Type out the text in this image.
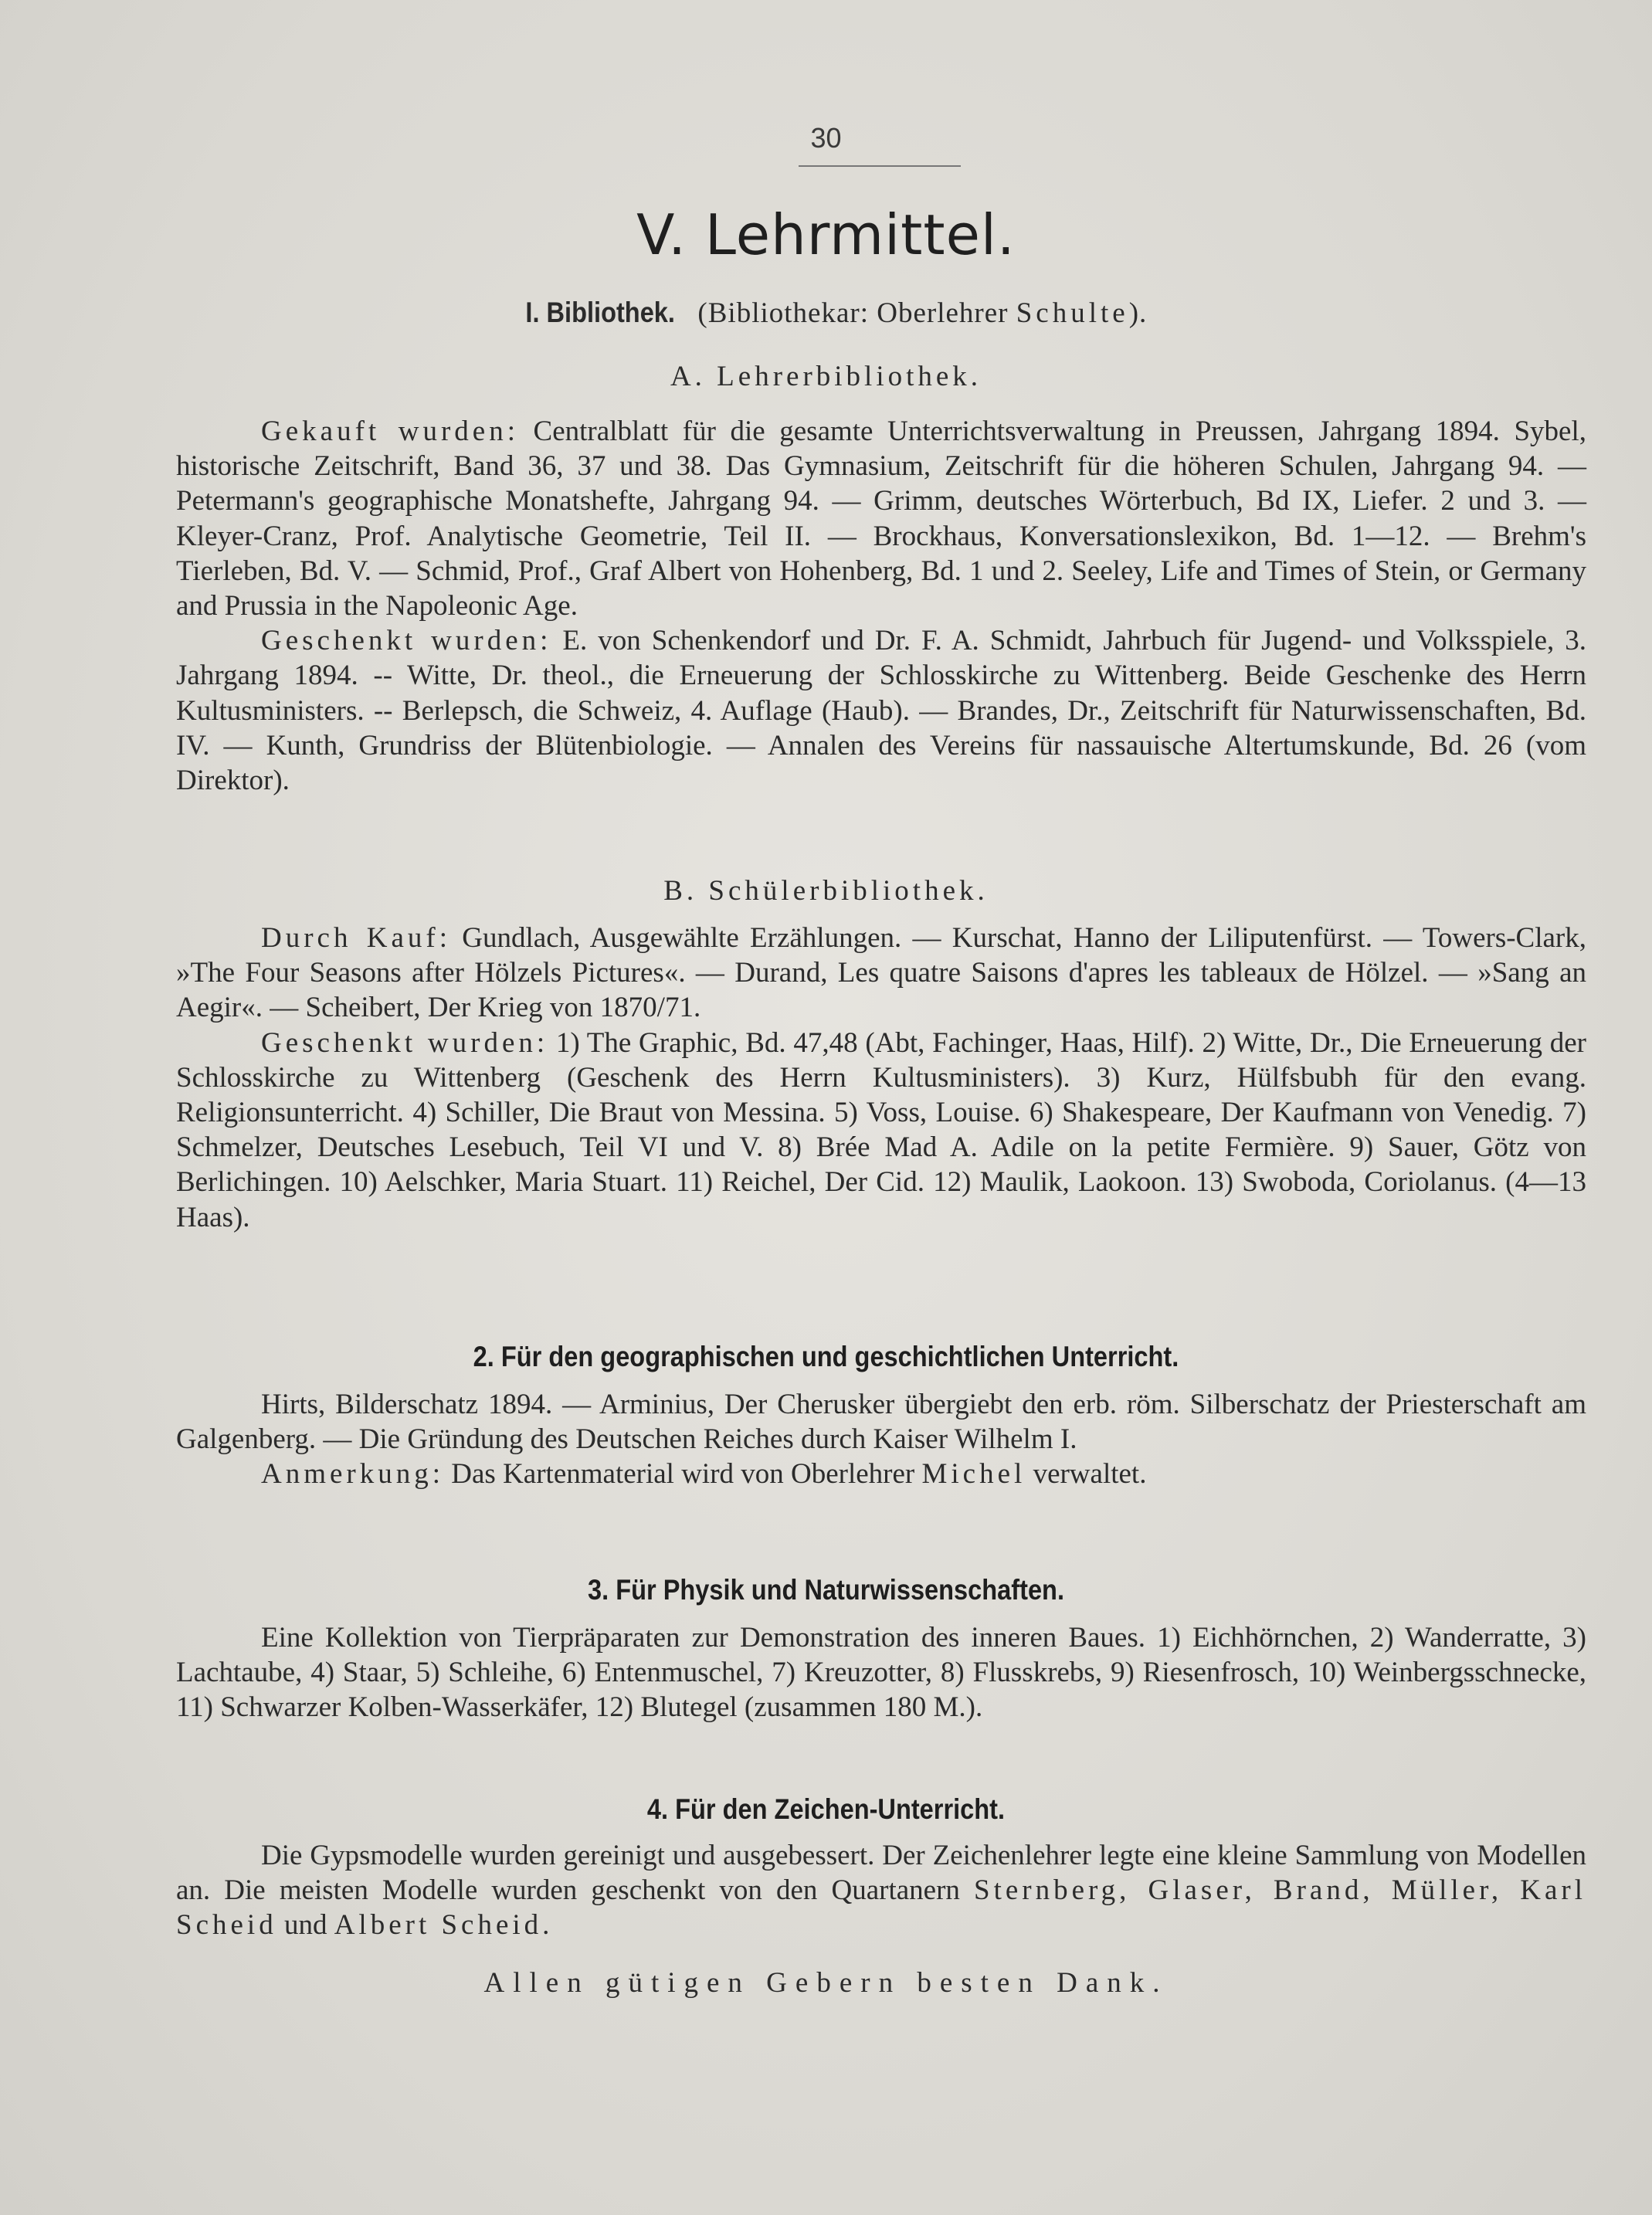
30
V. Lehrmittel.
I. Bibliothek. (Bibliothekar: Oberlehrer Schulte).
A. Lehrerbibliothek.

Gekauft wurden: Centralblatt für die gesamte Unterrichtsverwaltung in Preussen, Jahrgang 1894. Sybel, historische Zeitschrift, Band 36, 37 und 38. Das Gymnasium, Zeitschrift für die höheren Schulen, Jahrgang 94. — Petermann's geographische Monatshefte, Jahrgang 94. — Grimm, deutsches Wörterbuch, Bd IX, Liefer. 2 und 3. — Kleyer-Cranz, Prof. Analytische Geometrie, Teil II. — Brockhaus, Konversationslexikon, Bd. 1—12. — Brehm's Tierleben, Bd. V. — Schmid, Prof., Graf Albert von Hohenberg, Bd. 1 und 2. Seeley, Life and Times of Stein, or Germany and Prussia in the Napoleonic Age.

Geschenkt wurden: E. von Schenkendorf und Dr. F. A. Schmidt, Jahrbuch für Jugend- und Volksspiele, 3. Jahrgang 1894. -- Witte, Dr. theol., die Erneuerung der Schlosskirche zu Wittenberg. Beide Geschenke des Herrn Kultusministers. -- Berlepsch, die Schweiz, 4. Auflage (Haub). — Brandes, Dr., Zeitschrift für Naturwissenschaften, Bd. IV. — Kunth, Grundriss der Blütenbiologie. — Annalen des Vereins für nassauische Altertumskunde, Bd. 26 (vom Direktor).

B. Schülerbibliothek.

Durch Kauf: Gundlach, Ausgewählte Erzählungen. — Kurschat, Hanno der Liliputenfürst. — Towers-Clark, »The Four Seasons after Hölzels Pictures«. — Durand, Les quatre Saisons d'apres les tableaux de Hölzel. — »Sang an Aegir«. — Scheibert, Der Krieg von 1870/71.

Geschenkt wurden: 1) The Graphic, Bd. 47,48 (Abt, Fachinger, Haas, Hilf). 2) Witte, Dr., Die Erneuerung der Schlosskirche zu Wittenberg (Geschenk des Herrn Kultusministers). 3) Kurz, Hülfsbubh für den evang. Religionsunterricht. 4) Schiller, Die Braut von Messina. 5) Voss, Louise. 6) Shakespeare, Der Kaufmann von Venedig. 7) Schmelzer, Deutsches Lesebuch, Teil VI und V. 8) Brée Mad A. Adile on la petite Fermière. 9) Sauer, Götz von Berlichingen. 10) Aelschker, Maria Stuart. 11) Reichel, Der Cid. 12) Maulik, Laokoon. 13) Swoboda, Coriolanus. (4—13 Haas).

2. Für den geographischen und geschichtlichen Unterricht.

Hirts, Bilderschatz 1894. — Arminius, Der Cherusker übergiebt den erb. röm. Silberschatz der Priesterschaft am Galgenberg. — Die Gründung des Deutschen Reiches durch Kaiser Wilhelm I.

Anmerkung: Das Kartenmaterial wird von Oberlehrer Michel verwaltet.

3. Für Physik und Naturwissenschaften.

Eine Kollektion von Tierpräparaten zur Demonstration des inneren Baues. 1) Eichhörnchen, 2) Wanderratte, 3) Lachtaube, 4) Staar, 5) Schleihe, 6) Entenmuschel, 7) Kreuzotter, 8) Flusskrebs, 9) Riesenfrosch, 10) Weinbergsschnecke, 11) Schwarzer Kolben-Wasserkäfer, 12) Blutegel (zusammen 180 M.).

4. Für den Zeichen-Unterricht.

Die Gypsmodelle wurden gereinigt und ausgebessert. Der Zeichenlehrer legte eine kleine Sammlung von Modellen an. Die meisten Modelle wurden geschenkt von den Quartanern Sternberg, Glaser, Brand, Müller, Karl Scheid und Albert Scheid.

Allen gütigen Gebern besten Dank.
